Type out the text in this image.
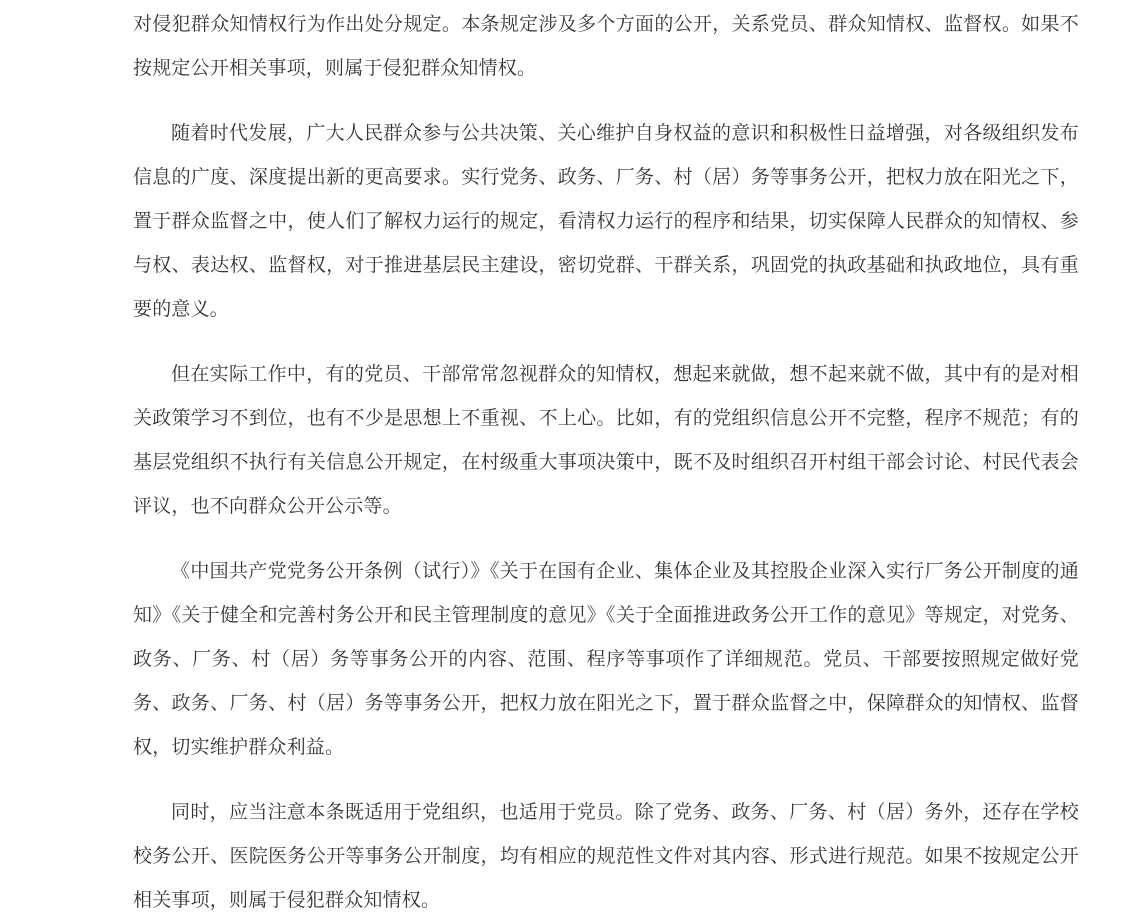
对侵犯群众知情权行为作出处分规定。本条规定涉及多个方面的公开，关系党员、群众知情权、监督权。如果不按规定公开相关事项，则属于侵犯群众知情权。

随着时代发展，广大人民群众参与公共决策、关心维护自身权益的意识和积极性日益增强，对各级组织发布信息的广度、深度提出新的更高要求。实行党务、政务、厂务、村（居）务等事务公开，把权力放在阳光之下，置于群众监督之中，使人们了解权力运行的规定，看清权力运行的程序和结果，切实保障人民群众的知情权、参与权、表达权、监督权，对于推进基层民主建设，密切党群、干群关系，巩固党的执政基础和执政地位，具有重要的意义。

但在实际工作中，有的党员、干部常常忽视群众的知情权，想起来就做，想不起来就不做，其中有的是对相关政策学习不到位，也有不少是思想上不重视、不上心。比如，有的党组织信息公开不完整，程序不规范；有的基层党组织不执行有关信息公开规定，在村级重大事项决策中，既不及时组织召开村组干部会讨论、村民代表会评议，也不向群众公开公示等。

《中国共产党党务公开条例（试行）》《关于在国有企业、集体企业及其控股企业深入实行厂务公开制度的通知》《关于健全和完善村务公开和民主管理制度的意见》《关于全面推进政务公开工作的意见》等规定，对党务、政务、厂务、村（居）务等事务公开的内容、范围、程序等事项作了详细规范。党员、干部要按照规定做好党务、政务、厂务、村（居）务等事务公开，把权力放在阳光之下，置于群众监督之中，保障群众的知情权、监督权，切实维护群众利益。

同时，应当注意本条既适用于党组织，也适用于党员。除了党务、政务、厂务、村（居）务外，还存在学校校务公开、医院医务公开等事务公开制度，均有相应的规范性文件对其内容、形式进行规范。如果不按规定公开相关事项，则属于侵犯群众知情权。
